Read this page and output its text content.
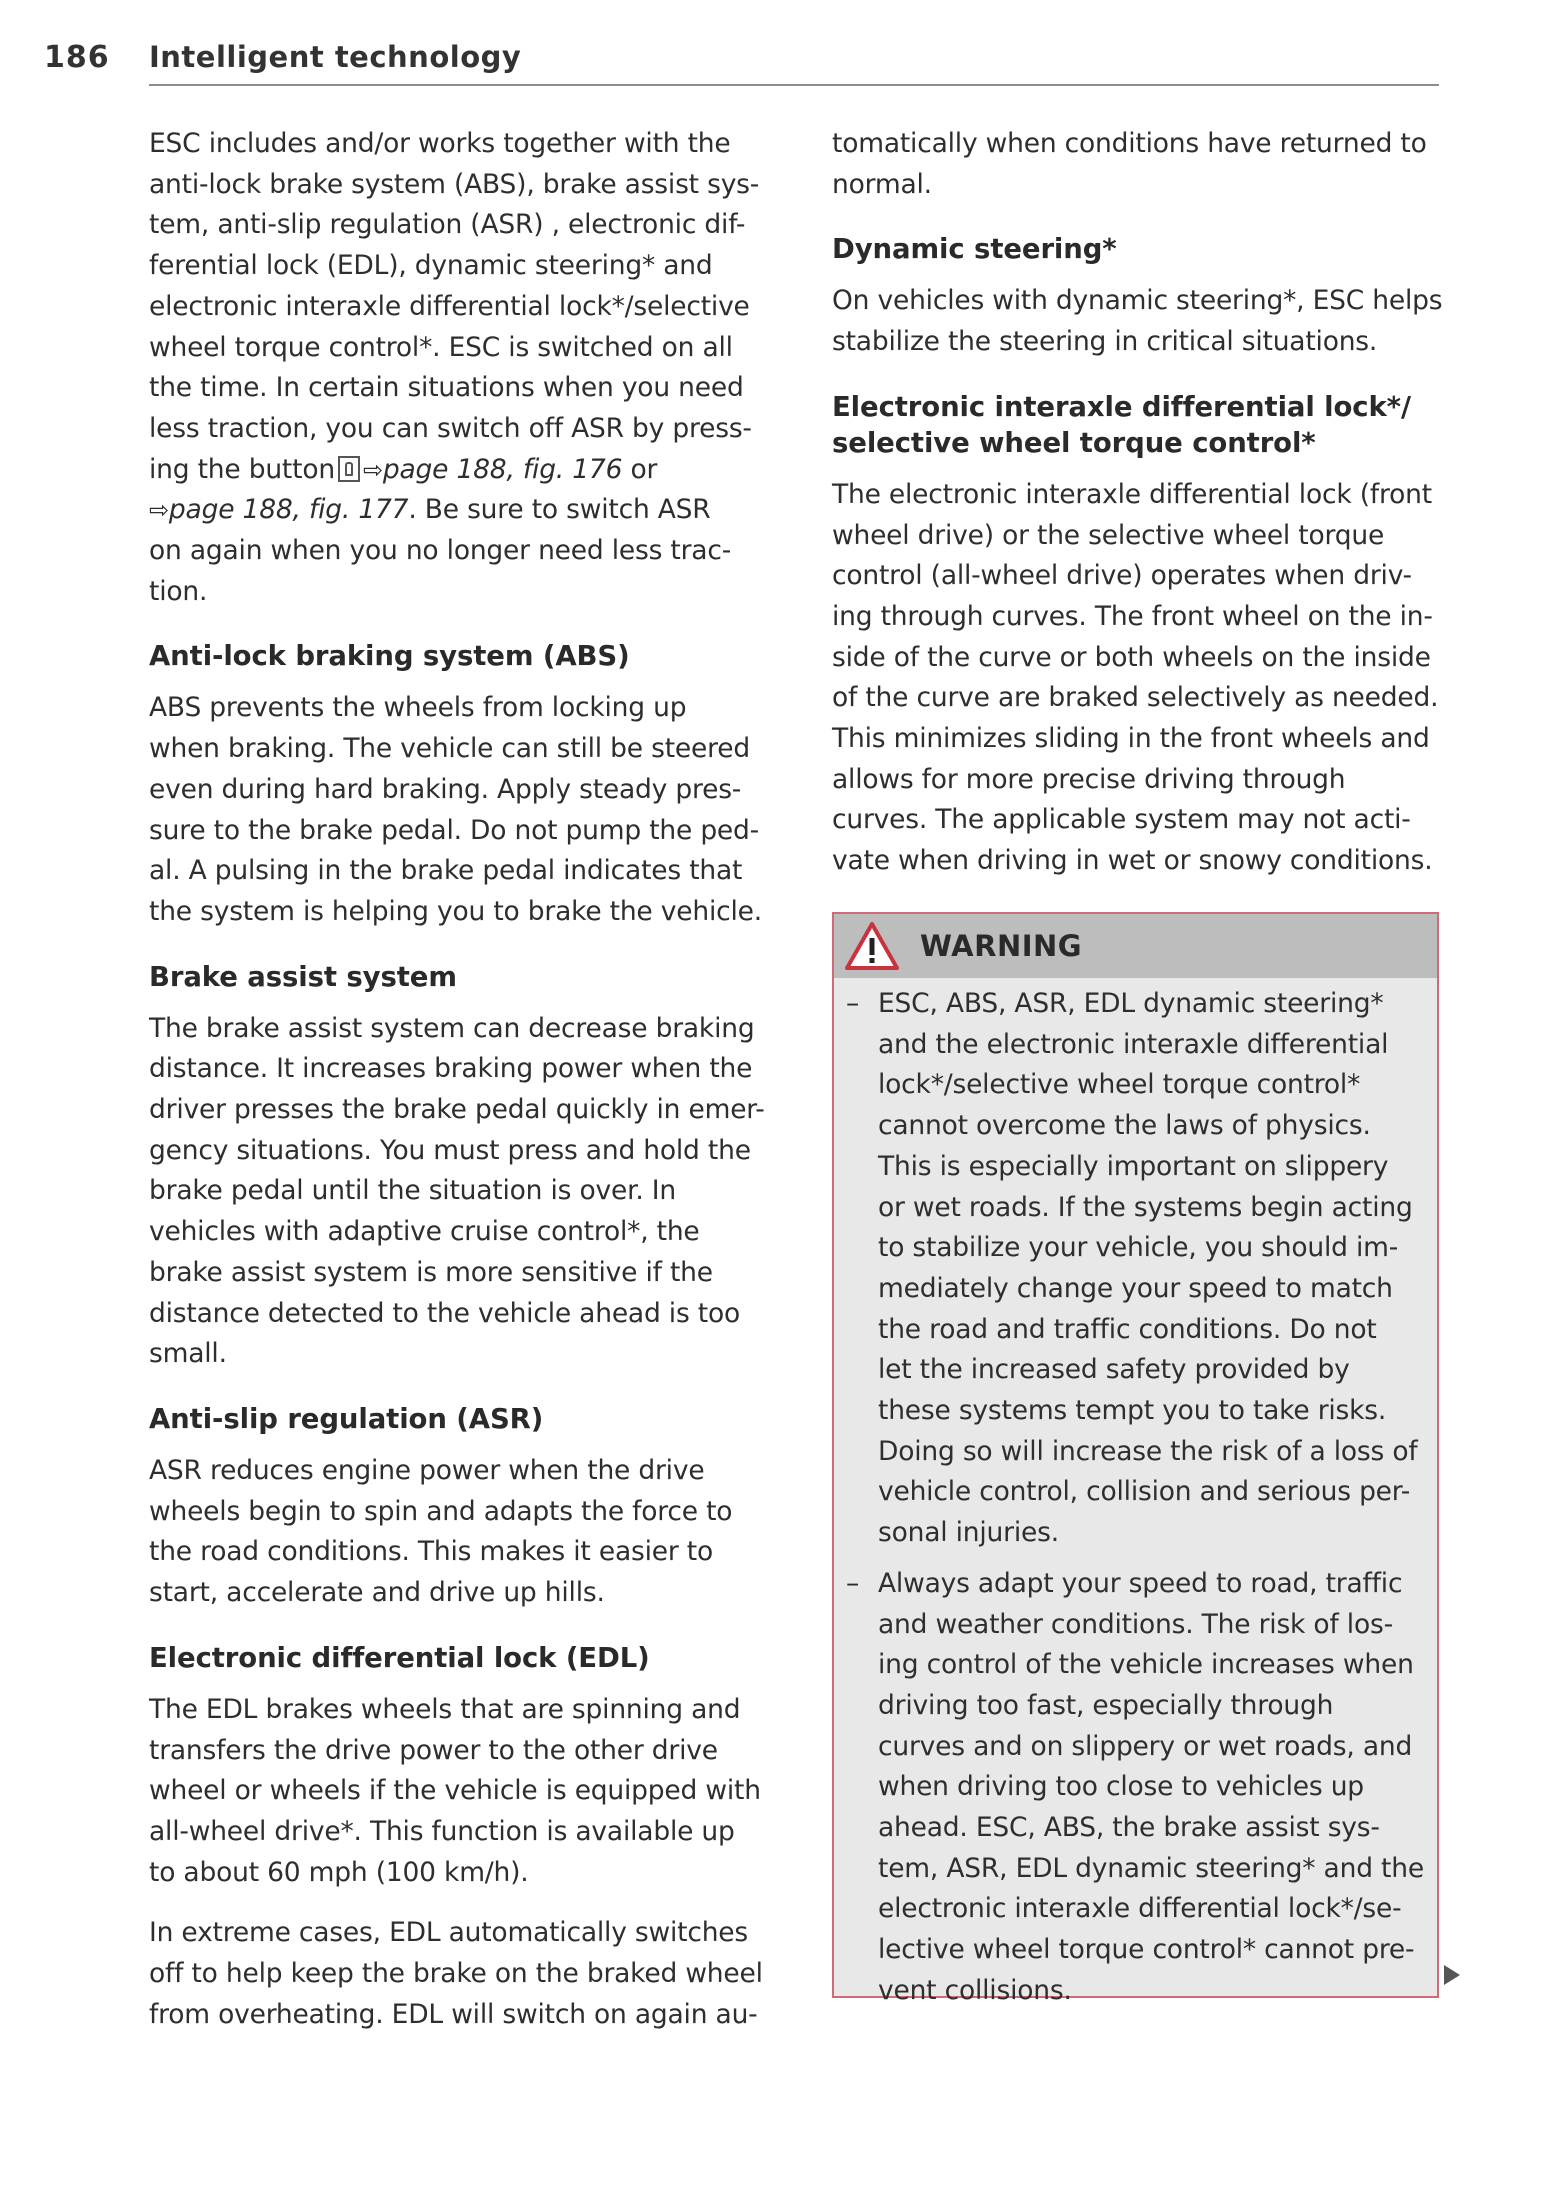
186 Intelligent technology
ESC includes and/or works together with the
anti-lock brake system (ABS), brake assist sys-
tem, anti-slip regulation (ASR) , electronic dif-
ferential lock (EDL), dynamic steering* and
electronic interaxle differential lock*/selective
wheel torque control*. ESC is switched on all
the time. In certain situations when you need
less traction, you can switch off ASR by press-
ing the button ⇨page 188, fig. 176 or
⇨page 188, fig. 177. Be sure to switch ASR
on again when you no longer need less trac-
tion.
Anti-lock braking system (ABS)
ABS prevents the wheels from locking up
when braking. The vehicle can still be steered
even during hard braking. Apply steady pres-
sure to the brake pedal. Do not pump the ped-
al. A pulsing in the brake pedal indicates that
the system is helping you to brake the vehicle.
Brake assist system
The brake assist system can decrease braking
distance. It increases braking power when the
driver presses the brake pedal quickly in emer-
gency situations. You must press and hold the
brake pedal until the situation is over. In
vehicles with adaptive cruise control*, the
brake assist system is more sensitive if the
distance detected to the vehicle ahead is too
small.
Anti-slip regulation (ASR)
ASR reduces engine power when the drive
wheels begin to spin and adapts the force to
the road conditions. This makes it easier to
start, accelerate and drive up hills.
Electronic differential lock (EDL)
The EDL brakes wheels that are spinning and
transfers the drive power to the other drive
wheel or wheels if the vehicle is equipped with
all-wheel drive*. This function is available up
to about 60 mph (100 km/h).
In extreme cases, EDL automatically switches
off to help keep the brake on the braked wheel
from overheating. EDL will switch on again au-
tomatically when conditions have returned to
normal.
Dynamic steering*
On vehicles with dynamic steering*, ESC helps
stabilize the steering in critical situations.
Electronic interaxle differential lock*/
selective wheel torque control*
The electronic interaxle differential lock (front
wheel drive) or the selective wheel torque
control (all-wheel drive) operates when driv-
ing through curves. The front wheel on the in-
side of the curve or both wheels on the inside
of the curve are braked selectively as needed.
This minimizes sliding in the front wheels and
allows for more precise driving through
curves. The applicable system may not acti-
vate when driving in wet or snowy conditions.
WARNING
– ESC, ABS, ASR, EDL dynamic steering*
and the electronic interaxle differential
lock*/selective wheel torque control*
cannot overcome the laws of physics.
This is especially important on slippery
or wet roads. If the systems begin acting
to stabilize your vehicle, you should im-
mediately change your speed to match
the road and traffic conditions. Do not
let the increased safety provided by
these systems tempt you to take risks.
Doing so will increase the risk of a loss of
vehicle control, collision and serious per-
sonal injuries.
– Always adapt your speed to road, traffic
and weather conditions. The risk of los-
ing control of the vehicle increases when
driving too fast, especially through
curves and on slippery or wet roads, and
when driving too close to vehicles up
ahead. ESC, ABS, the brake assist sys-
tem, ASR, EDL dynamic steering* and the
electronic interaxle differential lock*/se-
lective wheel torque control* cannot pre-
vent collisions.
